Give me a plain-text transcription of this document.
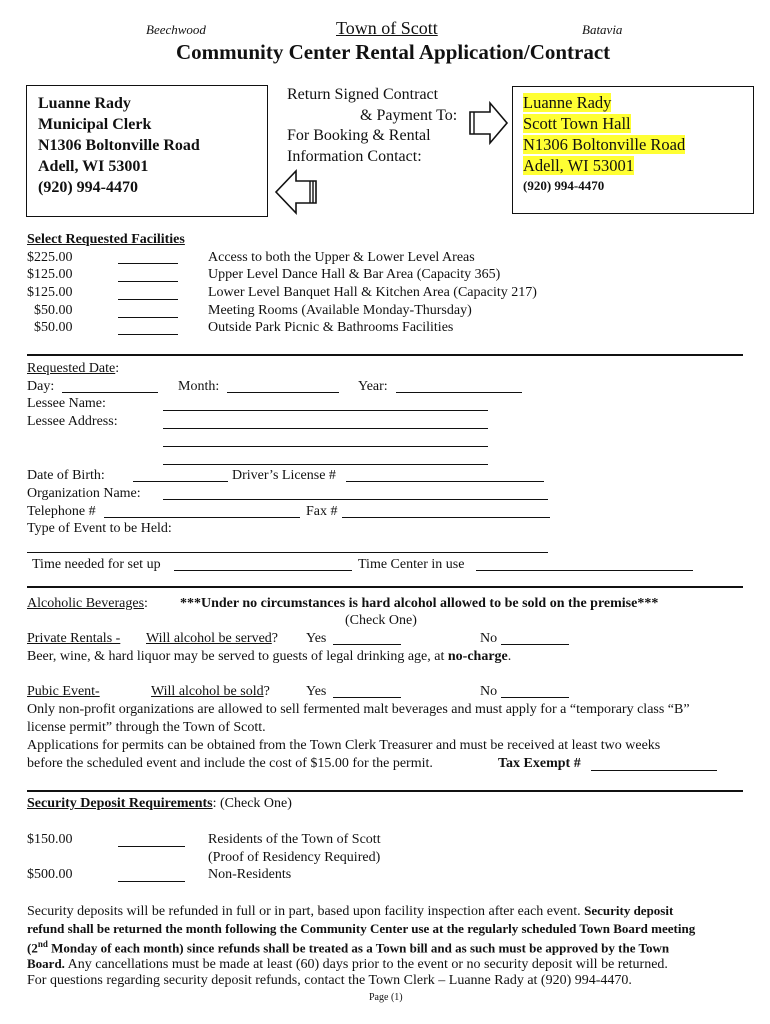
Beechwood	Town of Scott	Batavia
Community Center Rental Application/Contract
Luanne Rady
Municipal Clerk
N1306 Boltonville Road
Adell, WI 53001
(920) 994-4470
Return Signed Contract
& Payment To:
For Booking & Rental
Information Contact:
Luanne Rady
Scott Town Hall
N1306 Boltonville Road
Adell, WI 53001
(920) 994-4470
Select Requested Facilities
$225.00	Access to both the Upper & Lower Level Areas
$125.00	Upper Level Dance Hall & Bar Area (Capacity 365)
$125.00	Lower Level Banquet Hall & Kitchen Area (Capacity 217)
$50.00	Meeting Rooms (Available Monday-Thursday)
$50.00	Outside Park Picnic & Bathrooms Facilities
Requested Date:
Day:	Month:	Year:
Lessee Name:
Lessee Address:
Date of Birth:	Driver’s License #
Organization Name:
Telephone #	Fax #
Type of Event to be Held:
Time needed for set up	Time Center in use
Alcoholic Beverages: ***Under no circumstances is hard alcohol allowed to be sold on the premise***
(Check One)
Private Rentals - Will alcohol be served? Yes	No
Beer, wine, & hard liquor may be served to guests of legal drinking age, at no-charge.
Pubic Event-	Will alcohol be sold?	Yes	No
Only non-profit organizations are allowed to sell fermented malt beverages and must apply for a “temporary class “B”
license permit” through the Town of Scott.
Applications for permits can be obtained from the Town Clerk Treasurer and must be received at least two weeks
before the scheduled event and include the cost of $15.00 for the permit.	Tax Exempt #
Security Deposit Requirements: (Check One)
$150.00	Residents of the Town of Scott
(Proof of Residency Required)
$500.00	Non-Residents
Security deposits will be refunded in full or in part, based upon facility inspection after each event. Security deposit
refund shall be returned the month following the Community Center use at the regularly scheduled Town Board meeting
(2nd Monday of each month) since refunds shall be treated as a Town bill and as such must be approved by the Town
Board. Any cancellations must be made at least (60) days prior to the event or no security deposit will be returned.
For questions regarding security deposit refunds, contact the Town Clerk – Luanne Rady at (920) 994-4470.
Page (1)
